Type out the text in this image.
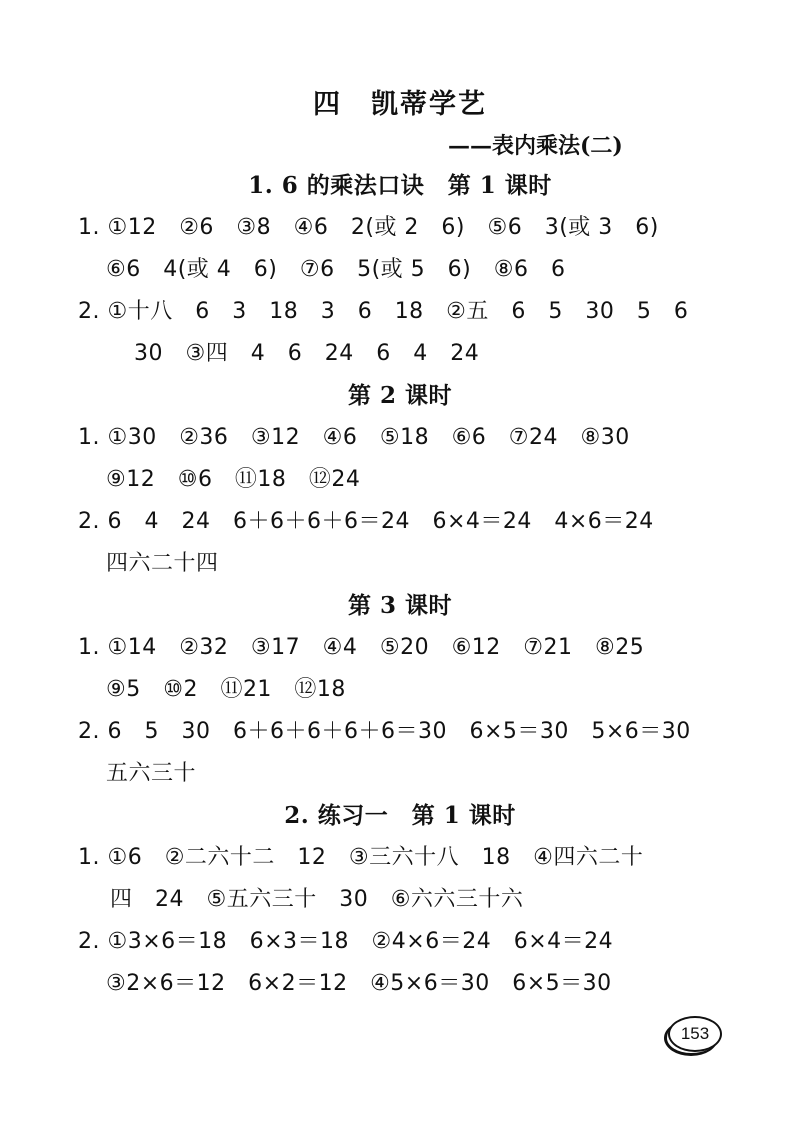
四　凯蒂学艺
——表内乘法(二)
1. 6 的乘法口诀　第 1 课时
1. ①12　②6　③8　④6　2(或 2　6)　⑤6　3(或 3　6)
⑥6　4(或 4　6)　⑦6　5(或 5　6)　⑧6　6
2. ①十八　6　3　18　3　6　18　②五　6　5　30　5　6
30　③四　4　6　24　6　4　24
第 2 课时
1. ①30　②36　③12　④6　⑤18　⑥6　⑦24　⑧30
⑨12　⑩6　⑪18　⑫24
2. 6　4　24　6＋6＋6＋6＝24　6×4＝24　4×6＝24
四六二十四
第 3 课时
1. ①14　②32　③17　④4　⑤20　⑥12　⑦21　⑧25
⑨5　⑩2　⑪21　⑫18
2. 6　5　30　6＋6＋6＋6＋6＝30　6×5＝30　5×6＝30
五六三十
2. 练习一　第 1 课时
1. ①6　②二六十二　12　③三六十八　18　④四六二十
四　24　⑤五六三十　30　⑥六六三十六
2. ①3×6＝18　6×3＝18　②4×6＝24　6×4＝24
③2×6＝12　6×2＝12　④5×6＝30　6×5＝30
153
